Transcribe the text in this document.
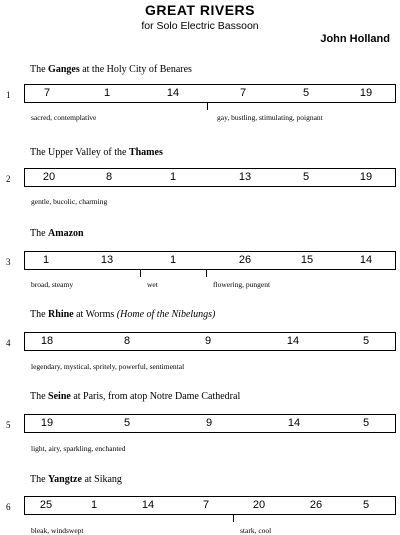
GREAT RIVERS
for Solo Electric Bassoon
John Holland
The Ganges at the Holy City of Benares
1	7	1	14	7	5	19
sacred, contemplative	gay, bustling, stimulating, poignant
The Upper Valley of the Thames
2	20	8	1	13	5	19
gentle, bucolic, charming
The Amazon
3	1	13	1	26	15	14
broad, steamy	wet	flowering, pungent
The Rhine at Worms (Home of the Nibelungs)
4	18	8	9	14	5
legendary, mystical, spritely, powerful, sentimental
The Seine at Paris, from atop Notre Dame Cathedral
5	19	5	9	14	5
light, airy, sparkling, enchanted
The Yangtze at Sikang
6	25	1	14	7	20	26	5
bleak, windswept	stark, cool
